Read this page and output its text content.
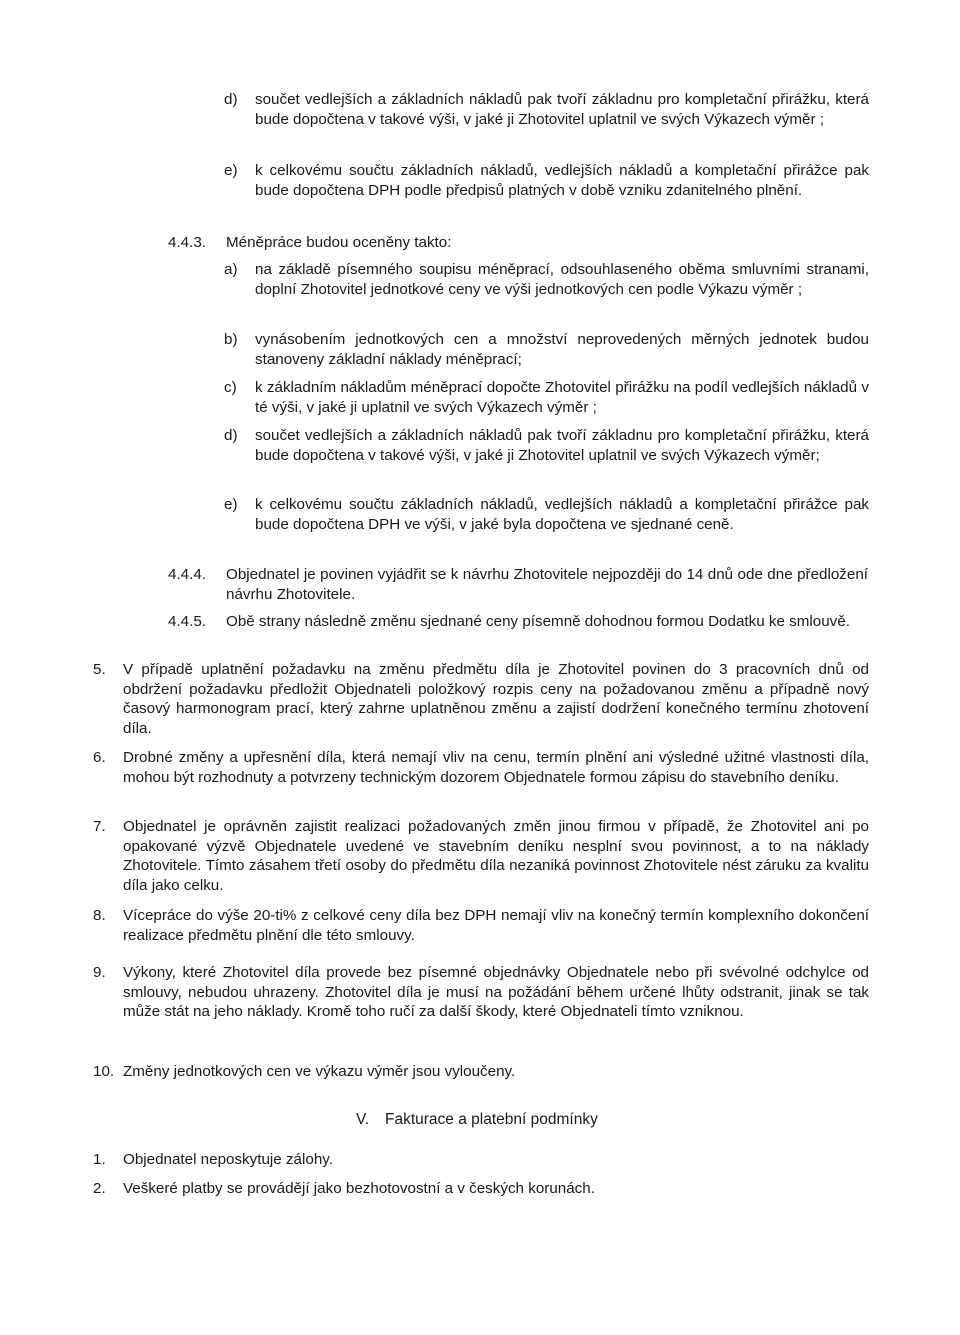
d) součet vedlejších a základních nákladů pak tvoří základnu pro kompletační přirážku, která bude dopočtena v takové výši, v jaké ji Zhotovitel uplatnil ve svých Výkazech výměr ;
e) k celkovému součtu základních nákladů, vedlejších nákladů a kompletační přirážce pak bude dopočtena DPH podle předpisů platných v době vzniku zdanitelného plnění.
4.4.3. Méněpráce budou oceněny takto:
a) na základě písemného soupisu méněprací, odsouhlaseného oběma smluvními stranami, doplní Zhotovitel jednotkové ceny ve výši jednotkových cen podle Výkazu výměr ;
b) vynásobením jednotkových cen a množství neprovedených měrných jednotek budou stanoveny základní náklady méněprací;
c) k základním nákladům méněprací dopočte Zhotovitel přirážku na podíl vedlejších nákladů v té výši, v jaké ji uplatnil ve svých Výkazech výměr ;
d) součet vedlejších a základních nákladů pak tvoří základnu pro kompletační přirážku, která bude dopočtena v takové výši, v jaké ji Zhotovitel uplatnil ve svých Výkazech výměr;
e) k celkovému součtu základních nákladů, vedlejších nákladů a kompletační přirážce pak bude dopočtena DPH ve výši, v jaké byla dopočtena ve sjednané ceně.
4.4.4. Objednatel je povinen vyjádřit se k návrhu Zhotovitele nejpozději do 14 dnů ode dne předložení návrhu Zhotovitele.
4.4.5. Obě strany následně změnu sjednané ceny písemně dohodnou formou Dodatku ke smlouvě.
5. V případě uplatnění požadavku na změnu předmětu díla je Zhotovitel povinen do 3 pracovních dnů od obdržení požadavku předložit Objednateli položkový rozpis ceny na požadovanou změnu a případně nový časový harmonogram prací, který zahrne uplatněnou změnu a zajistí dodržení konečného termínu zhotovení díla.
6. Drobné změny a upřesnění díla, která nemají vliv na cenu, termín plnění ani výsledné užitné vlastnosti díla, mohou být rozhodnuty a potvrzeny technickým dozorem Objednatele formou zápisu do stavebního deníku.
7. Objednatel je oprávněn zajistit realizaci požadovaných změn jinou firmou v případě, že Zhotovitel ani po opakované výzvě Objednatele uvedené ve stavebním deníku nesplní svou povinnost, a to na náklady Zhotovitele. Tímto zásahem třetí osoby do předmětu díla nezaniká povinnost Zhotovitele nést záruku za kvalitu díla jako celku.
8. Vícepráce do výše 20-ti% z celkové ceny díla bez DPH nemají vliv na konečný termín komplexního dokončení realizace předmětu plnění dle této smlouvy.
9. Výkony, které Zhotovitel díla provede bez písemné objednávky Objednatele nebo při svévolné odchylce od smlouvy, nebudou uhrazeny. Zhotovitel díla je musí na požádání během určené lhůty odstranit, jinak se tak může stát na jeho náklady. Kromě toho ručí za další škody, které Objednateli tímto vzniknou.
10. Změny jednotkových cen ve výkazu výměr jsou vyloučeny.
V. Fakturace a platební podmínky
1. Objednatel neposkytuje zálohy.
2. Veškeré platby se provádějí jako bezhotovostní a v českých korunách.
